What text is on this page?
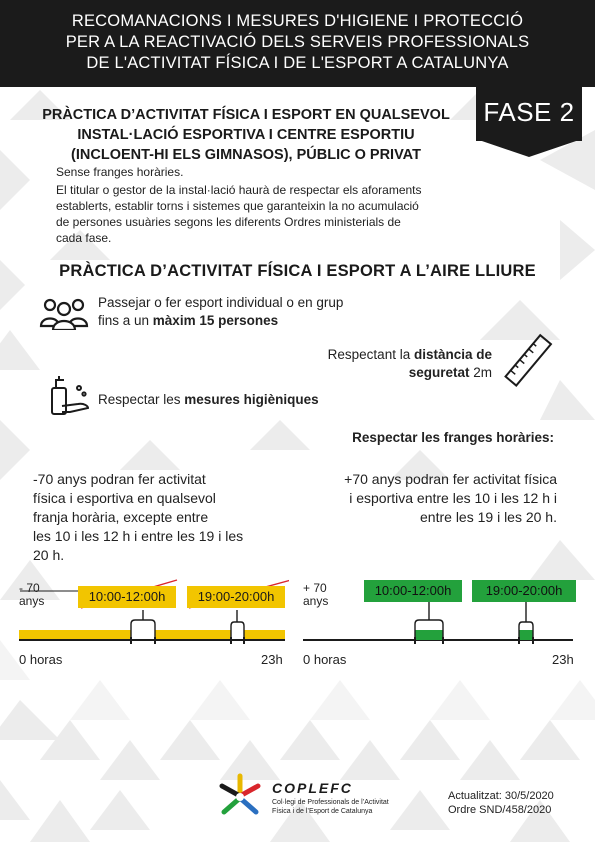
RECOMANACIONS I MESURES D'HIGIENE I PROTECCIÓ
PER A LA REACTIVACIÓ DELS SERVEIS PROFESSIONALS
DE L'ACTIVITAT FÍSICA I DE L'ESPORT A CATALUNYA
FASE 2
PRÀCTICA D’ACTIVITAT FÍSICA I ESPORT EN QUALSEVOL
INSTAL·LACIÓ ESPORTIVA I CENTRE ESPORTIU
(INCLOENT-HI ELS GIMNASOS), PÚBLIC O PRIVAT
Sense franges horàries.
El titular o gestor de la instal·lació haurà de respectar els aforaments
establerts, establir torns i sistemes que garanteixin la no acumulació
de persones usuàries segons les diferents Ordres ministerials de
cada fase.
PRÀCTICA D’ACTIVITAT FÍSICA I ESPORT A L’AIRE LLIURE
Passejar o fer esport individual o en grup
fins a un màxim 15 persones
Respectant la distància de
seguretat 2m
Respectar les mesures higièniques
Respectar les franges horàries:
-70 anys podran fer activitat
física i esportiva en qualsevol
franja horària, excepte entre
les 10 i les 12 h i entre les 19 i les
20 h.
+70 anys podran fer activitat física
i esportiva entre les 10 i les 12 h i
entre les 19 i les 20 h.
- 70
anys	10:00-12:00h	19:00-20:00h
0 horas	23h
+ 70
anys
10:00-12:00h	19:00-20:00h
0 horas	23h
COPLEFC
Col·legi de Professionals de l’Activitat
Física i de l’Esport de Catalunya
Actualitzat: 30/5/2020
Ordre SND/458/2020
